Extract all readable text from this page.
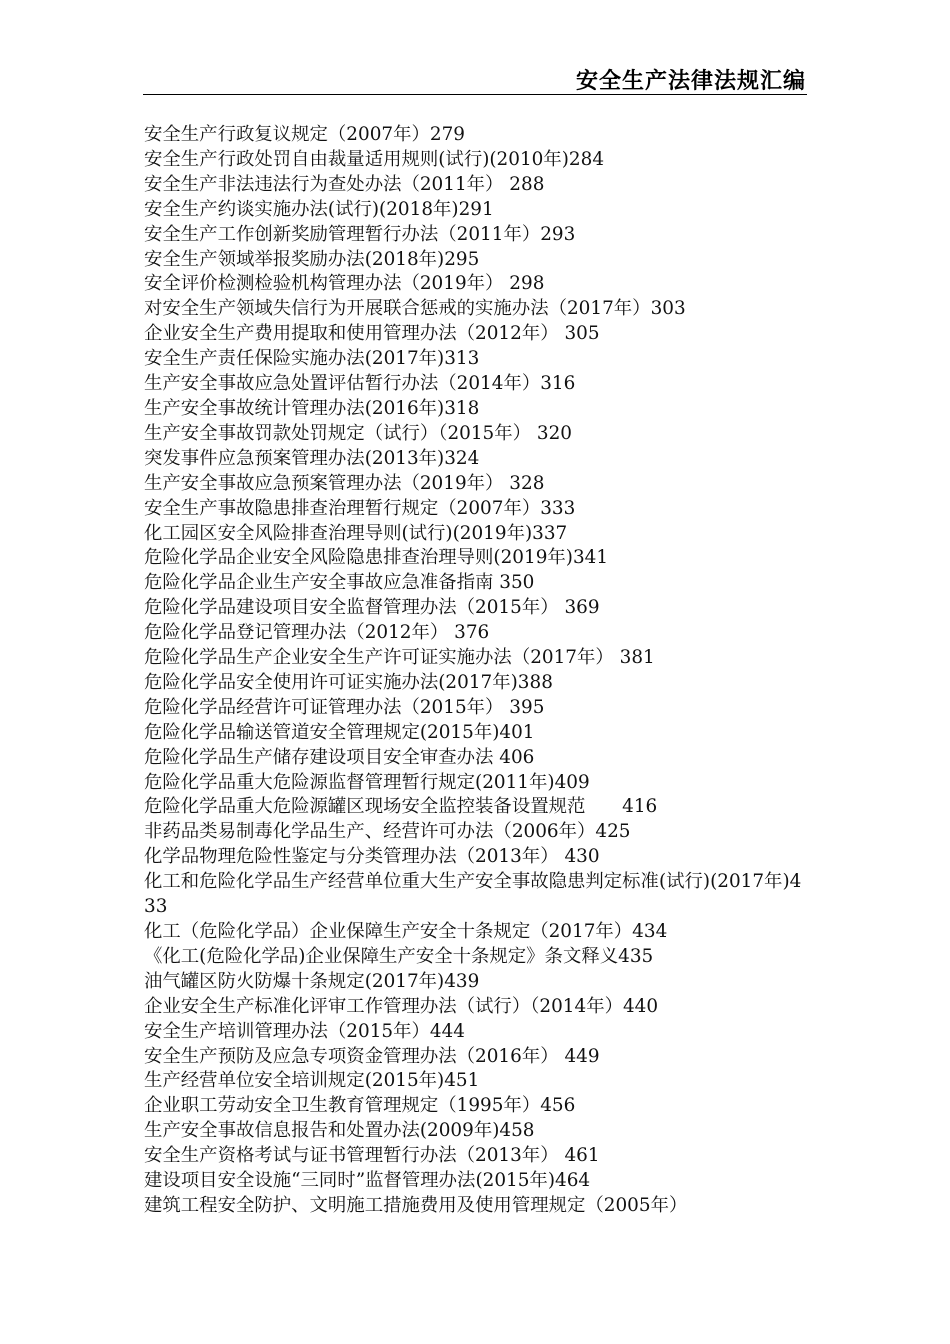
安全生产法律法规汇编
安全生产行政复议规定（2007年）279
安全生产行政处罚自由裁量适用规则(试行)(2010年)284
安全生产非法违法行为查处办法（2011年） 288
安全生产约谈实施办法(试行)(2018年)291
安全生产工作创新奖励管理暂行办法（2011年）293
安全生产领域举报奖励办法(2018年)295
安全评价检测检验机构管理办法（2019年） 298
对安全生产领域失信行为开展联合惩戒的实施办法（2017年）303
企业安全生产费用提取和使用管理办法（2012年） 305
安全生产责任保险实施办法(2017年)313
生产安全事故应急处置评估暂行办法（2014年）316
生产安全事故统计管理办法(2016年)318
生产安全事故罚款处罚规定（试行）（2015年） 320
突发事件应急预案管理办法(2013年)324
生产安全事故应急预案管理办法（2019年） 328
安全生产事故隐患排查治理暂行规定（2007年）333
化工园区安全风险排查治理导则(试行)(2019年)337
危险化学品企业安全风险隐患排查治理导则(2019年)341
危险化学品企业生产安全事故应急准备指南 350
危险化学品建设项目安全监督管理办法（2015年） 369
危险化学品登记管理办法（2012年） 376
危险化学品生产企业安全生产许可证实施办法（2017年） 381
危险化学品安全使用许可证实施办法(2017年)388
危险化学品经营许可证管理办法（2015年） 395
危险化学品输送管道安全管理规定(2015年)401
危险化学品生产储存建设项目安全审查办法 406
危险化学品重大危险源监督管理暂行规定(2011年)409
危险化学品重大危险源罐区现场安全监控装备设置规范　　416
非药品类易制毒化学品生产、经营许可办法（2006年）425
化学品物理危险性鉴定与分类管理办法（2013年） 430
化工和危险化学品生产经营单位重大生产安全事故隐患判定标准(试行)(2017年)433
化工（危险化学品）企业保障生产安全十条规定（2017年）434
《化工(危险化学品)企业保障生产安全十条规定》条文释义435
油气罐区防火防爆十条规定(2017年)439
企业安全生产标准化评审工作管理办法（试行）（2014年）440
安全生产培训管理办法（2015年）444
安全生产预防及应急专项资金管理办法（2016年） 449
生产经营单位安全培训规定(2015年)451
企业职工劳动安全卫生教育管理规定（1995年）456
生产安全事故信息报告和处置办法(2009年)458
安全生产资格考试与证书管理暂行办法（2013年） 461
建设项目安全设施“三同时”监督管理办法(2015年)464
建筑工程安全防护、文明施工措施费用及使用管理规定（2005年）
